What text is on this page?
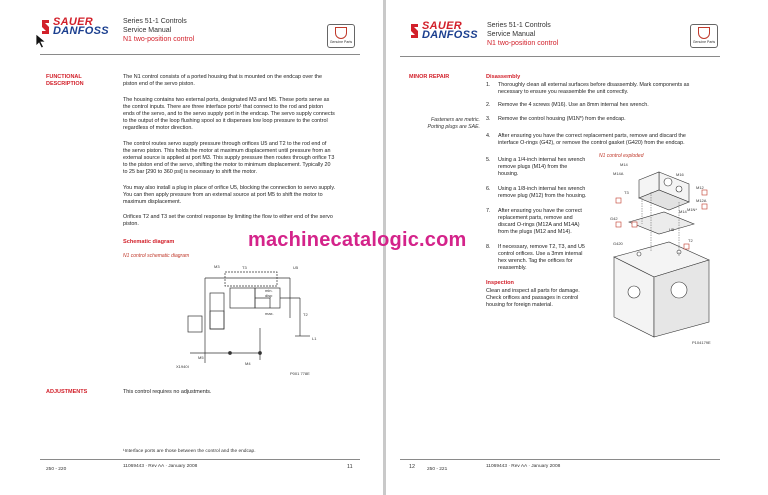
SAUER
DANFOSS
Series 51-1 Controls
Service Manual
N1 two-position control	Genuine Parts
FUNCTIONAL
DESCRIPTION
The N1 control consists of a ported housing that is mounted on the endcap over the
piston end of the servo piston.
The housing contains two external ports, designated M3 and M5. These ports serve as
the control inputs. There are three interface ports¹ that connect to the rod and piston
ends of the servo, and to the servo supply port in the endcap. The servo supply connects
to the output of the loop flushing spool so it dispenses low loop pressure to the control
regardless of motor direction.
The control routes servo supply pressure through orifices U5 and T2 to the rod end of
the servo piston. This holds the motor at maximum displacement until pressure from an
external source is applied at port M3. This supply pressure then routes through orifice T3
to the piston end of the servo, shifting the motor to minimum displacement. Typically 20
to 25 bar [290 to 360 psi] is necessary to shift the motor.
You may also install a plug in place of orifice U5, blocking the connection to servo supply.
You can then apply pressure from an external source at port M5 to shift the motor to
maximum displacement.
Orifices T2 and T3 set the control response by limiting the flow to either end of the servo
piston.
Schematic diagram
N1 control schematic diagram
T3
M3	U5
min.
disp
max.	T2
L1
M5
M4
X1940I
P001 778E
ADJUSTMENTS	This control requires no adjustments.
¹Interface ports are those between the control and the endcap.
250 - 220
11069443 · Rev AA · January 2008	11
SAUER
DANFOSS
Series 51-1 Controls
Service Manual
N1 two-position control	Genuine Parts
MINOR REPAIR
Fasteners are metric.
Porting plugs are SAE.
Disassembly
1. Thoroughly clean all external surfaces before disassembly. Mark components as
necessary to ensure you reassemble the unit correctly.
2. Remove the 4 screws (M16). Use an 8mm internal hex wrench.
3. Remove the control housing (M1N*) from the endcap.
4. After ensuring you have the correct replacement parts, remove and discard the
interface O-rings (G42), or remove the control gasket (G420) from the endcap.
5. Using a 1/4-inch internal hex wrench
remove plugs (M14) from the
housing.
6. Using a 1/8-inch internal hex wrench
remove plug (M12) from the housing.
7. After ensuring you have the correct
replacement parts, remove and
discard O-rings (M12A and M14A)
from the plugs (M12 and M14).
8. If necessary, remove T2, T3, and U5
control orifices. Use a 3mm internal
hex wrench. Tag the orifices for
reassembly.
N1 control exploded
M14A
M14
M16
M12
M12A
M1N*
T3
G42
G420
U5
T2
M14
P104179E
Inspection
Clean and inspect all parts for damage.
Check orifices and passages in control
housing for foreign material.
12	250 - 221
11069443 · Rev AA · January 2008
machinecatalogic.com
